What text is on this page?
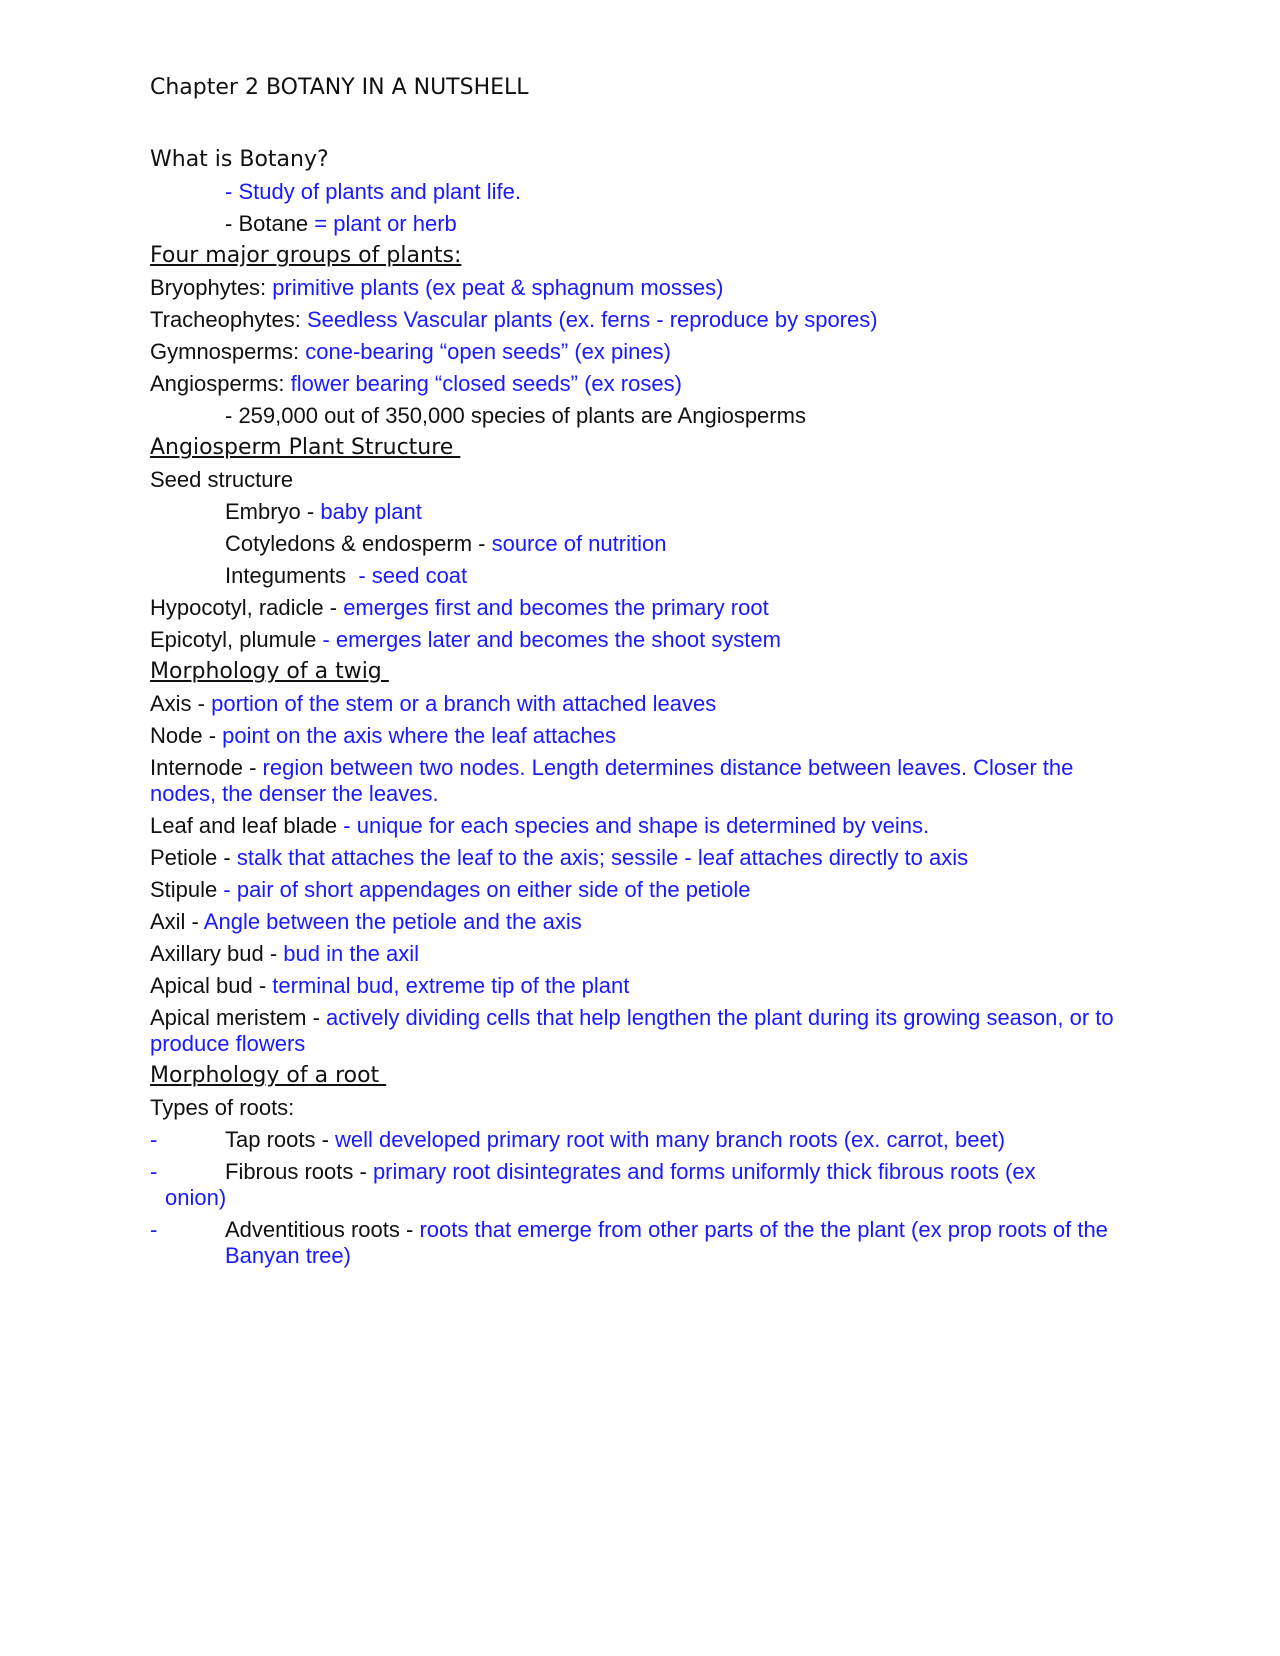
Chapter 2 BOTANY IN A NUTSHELL
What is Botany?
- Study of plants and plant life.
- Botane = plant or herb
Four major groups of plants:
Bryophytes: primitive plants (ex peat & sphagnum mosses)
Tracheophytes: Seedless Vascular plants (ex. ferns - reproduce by spores)
Gymnosperms: cone-bearing “open seeds” (ex pines)
Angiosperms: flower bearing “closed seeds” (ex roses)
- 259,000 out of 350,000 species of plants are Angiosperms
Angiosperm Plant Structure
Seed structure
Embryo - baby plant
Cotyledons & endosperm - source of nutrition
Integuments  - seed coat
Hypocotyl, radicle - emerges first and becomes the primary root
Epicotyl, plumule - emerges later and becomes the shoot system
Morphology of a twig
Axis - portion of the stem or a branch with attached leaves
Node - point on the axis where the leaf attaches
Internode - region between two nodes. Length determines distance between leaves. Closer the nodes, the denser the leaves.
Leaf and leaf blade - unique for each species and shape is determined by veins.
Petiole - stalk that attaches the leaf to the axis; sessile - leaf attaches directly to axis
Stipule - pair of short appendages on either side of the petiole
Axil - Angle between the petiole and the axis
Axillary bud - bud in the axil
Apical bud - terminal bud, extreme tip of the plant
Apical meristem - actively dividing cells that help lengthen the plant during its growing season, or to produce flowers
Morphology of a root
Types of roots:
-	Tap roots - well developed primary root with many branch roots (ex. carrot, beet)
-	Fibrous roots - primary root disintegrates and forms uniformly thick fibrous roots (ex
onion)
-	Adventitious roots - roots that emerge from other parts of the the plant (ex prop roots of the Banyan tree)
